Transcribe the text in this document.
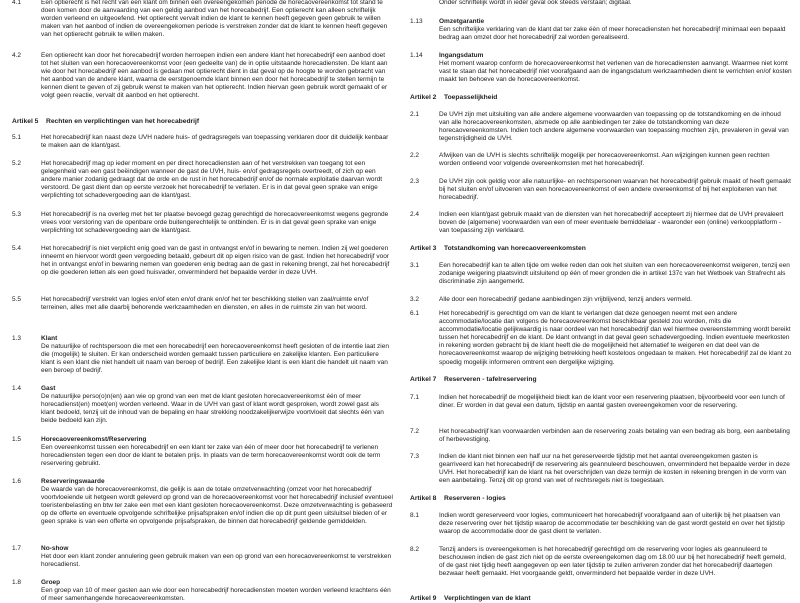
4.1	Een optierecht is het recht van een klant om binnen een overeengekomen periode de horecaovereenkomst tot stand te doen komen door de aanvaarding van een geldig aanbod van het horecabedrijf. Een optierecht kan alleen schriftelijk worden verleend en uitgeoefend. Het optierecht vervalt indien de klant te kennen heeft gegeven geen gebruik te willen maken van het aanbod of indien de overeengekomen periode is verstreken zonder dat de klant te kennen heeft gegeven van het optierecht gebruik te willen maken.

4.2	Een optierecht kan door het horecabedrijf worden herroepen indien een andere klant het horecabedrijf een aanbod doet tot het sluiten van een horecaovereenkomst voor (een gedeelte van) de in optie uitstaande horecadiensten. De klant aan wie door het horecabedrijf een aanbod is gedaan met optierecht dient in dat geval op de hoogte te worden gebracht van het aanbod van de andere klant, waarna de eerstgenoemde klant binnen een door het horecabedrijf te stellen termijn te kennen dient te geven of zij gebruik wenst te maken van het optierecht. Indien hiervan geen gebruik wordt gemaakt of er volgt geen reactie, vervalt dit aanbod en het optierecht.

Artikel 5	Rechten en verplichtingen van het horecabedrijf
5.1	Het horecabedrijf kan naast deze UVH nadere huis- of gedragsregels van toepassing verklaren door dit duidelijk kenbaar te maken aan de klant/gast.

5.2	Het horecabedrijf mag op ieder moment en per direct horecadiensten aan of het verstrekken van toegang tot een gelegenheid van een gast beëindigen wanneer de gast de UVH, huis- en/of gedragsregels overtreedt, of zich op een andere manier zodanig gedraagt dat de orde en de rust in het horecabedrijf en/of de normale exploitatie daarvan wordt verstoord. De gast dient dan op eerste verzoek het horecabedrijf te verlaten. Er is in dat geval geen sprake van enige verplichting tot schadevergoeding aan de klant/gast.

5.3	Het horecabedrijf is na overleg met het ter plaatse bevoegd gezag gerechtigd de horecaovereenkomst wegens gegronde vrees voor verstoring van de openbare orde buitengerechtelijk te ontbinden. Er is in dat geval geen sprake van enige verplichting tot schadevergoeding aan de klant/gast.

5.4	Het horecabedrijf is niet verplicht enig goed van de gast in ontvangst en/of in bewaring te nemen. Indien zij wel goederen inneemt en hiervoor wordt geen vergoeding betaald, gebeurt dit op eigen risico van de gast. Indien het horecabedrijf voor het in ontvangst en/of in bewaring nemen van goederen enig bedrag aan de gast in rekening brengt, zal het horecabedrijf op die goederen letten als een goed huisvader, onverminderd het bepaalde verder in deze UVH.

5.5	Het horecabedrijf verstrekt van logies en/of eten en/of drank en/of het ter beschikking stellen van zaal/ruimte en/of terreinen, alles met alle daarbij behorende werkzaamheden en diensten, en alles in de ruimste zin van het woord.

1.3	Klant

De natuurlijke of rechtspersoon die met een horecabedrijf een horecaovereenkomst heeft gesloten of de intentie laat zien die (mogelijk) te sluiten. Er kan onderscheid worden gemaakt tussen particuliere en zakelijke klanten. Een particuliere klant is een klant die niet handelt uit naam van beroep of bedrijf. Een zakelijke klant is een klant die handelt uit naam van een beroep of bedrijf.

1.4	Gast

De natuurlijke perso(o)n(en) aan wie op grond van een met de klant gesloten horecaovereenkomst één of meer horecadienst(en) moet(en) worden verleend. Waar in de UVH van gast of klant wordt gesproken, wordt zowel gast als klant bedoeld, tenzij uit de inhoud van de bepaling en haar strekking noodzakelijkerwijze voortvloeit dat slechts één van beide bedoeld kan zijn.

1.5	Horecaovereenkomst/Reservering

Een overeenkomst tussen een horecabedrijf en een klant ter zake van één of meer door het horecabedrijf te verlenen horecadiensten tegen een door de klant te betalen prijs. In plaats van de term horecaovereenkomst wordt ook de term reservering gebruikt.

1.6	Reserveringswaarde

De waarde van de horecaovereenkomst, die gelijk is aan de totale omzetverwachting (omzet voor het horecabedrijf voortvloeiende uit hetgeen wordt geleverd op grond van de horecaovereenkomst voor het horecabedrijf inclusief eventueel toeristenbelasting en btw ter zake een met een klant gesloten horecaovereenkomst. Deze omzetverwachting is gebaseerd op de offerte en eventuele opvolgende schriftelijke prijsafspraken en/of indien die op dit punt geen uitsluitsel bieden of er geen sprake is van een offerte en opvolgende prijsafspraken, de binnen dat horecabedrijf geldende gemiddelden.

1.7	No-show

Het door een klant zonder annulering geen gebruik maken van een op grond van een horecaovereenkomst te verstrekken horecadienst.

1.8	Groep

Een groep van 10 of meer gasten aan wie door een horecabedrijf horecadiensten moeten worden verleend krachtens één of meer samenhangende horecaovereenkomsten.

Onder schriftelijk wordt in ieder geval ook steeds verstaan; digitaal.

1.13	Omzetgarantie

Een schriftelijke verklaring van de klant dat ter zake één of meer horecadiensten het horecabedrijf minimaal een bepaald bedrag aan omzet door het horecabedrijf zal worden gerealiseerd.

1.14	Ingangsdatum

Het moment waarop conform de horecaovereenkomst het verlenen van de horecadiensten aanvangt. Waarmee niet komt vast te staan dat het horecabedrijf niet voorafgaand aan de ingangsdatum werkzaamheden dient te verrichten en/of kosten maakt ten behoeve van de horecaovereenkomst.

Artikel 2	Toepasselijkheid
2.1	De UVH zijn met uitsluiting van alle andere algemene voorwaarden van toepassing op de totstandkoming en de inhoud van alle horecaovereenkomsten, alsmede op alle aanbiedingen ter zake de totstandkoming van deze horecaovereenkomsten. Indien toch andere algemene voorwaarden van toepassing mochten zijn, prevaleren in geval van tegenstrijdigheid de UVH.

2.2	Afwijken van de UVH is slechts schriftelijk mogelijk per horecaovereenkomst. Aan wijzigingen kunnen geen rechten worden ontleend voor volgende overeenkomsten met het horecabedrijf.

2.3	De UVH zijn ook geldig voor alle natuurlijke- en rechtspersonen waarvan het horecabedrijf gebruik maakt of heeft gemaakt bij het sluiten en/of uitvoeren van een horecaovereenkomst of een andere overeenkomst of bij het exploiteren van het horecabedrijf.

2.4	Indien een klant/gast gebruik maakt van de diensten van het horecabedrijf accepteert zij hiermee dat de UVH prevaleert boven de (algemene) voorwaarden van een of meer eventuele bemiddelaar - waaronder een (online) verkoopplatform - van toepassing zijn verklaard.

Artikel 3	Totstandkoming van horecaovereenkomsten
3.1	Een horecabedrijf kan te allen tijde om welke reden dan ook het sluiten van een horecaovereenkomst weigeren, tenzij een zodanige weigering plaatsvindt uitsluitend op één of meer gronden die in artikel 137c van het Wetboek van Strafrecht als discriminatie zijn aangemerkt.

3.2	Alle door een horecabedrijf gedane aanbiedingen zijn vrijblijvend, tenzij anders vermeld.

6.1	Het horecabedrijf is gerechtigd om van de klant te verlangen dat deze genoegen neemt met een andere accommodatie/locatie dan volgens de horecaovereenkomst beschikbaar gesteld zou worden, mits die accommodatie/locatie gelijkwaardig is naar oordeel van het horecabedrijf dan wel hiermee overeenstemming wordt bereikt tussen het horecabedrijf en de klant. De klant ontvangt in dat geval geen schadevergoeding. Indien eventuele meerkosten in rekening worden gebracht bij de klant heeft die de mogelijkheid het alternatief te weigeren en dat deel van de horecaovereenkomst waarop de wijziging betrekking heeft kosteloos ongedaan te maken. Het horecabedrijf zal de klant zo spoedig mogelijk informeren omtrent een dergelijke wijziging.

Artikel 7	Reserveren - tafelreservering
7.1	Indien het horecabedrijf de mogelijkheid biedt kan de klant voor een reservering plaatsen, bijvoorbeeld voor een lunch of diner. Er worden in dat geval een datum, tijdstip en aantal gasten overeengekomen voor de reservering.

7.2	Het horecabedrijf kan voorwaarden verbinden aan de reservering zoals betaling van een bedrag als borg, een aanbetaling of herbevestiging.

7.3	Indien de klant niet binnen een half uur na het gereserveerde tijdstip met het aantal overeengekomen gasten is gearriveerd kan het horecabedrijf de reservering als geannuleerd beschouwen, onverminderd het bepaalde verder in deze UVH. Het horecabedrijf kan de klant na het overschrijden van deze termijn de kosten in rekening brengen in de vorm van een aanbetaling. Tenzij dit op grond van wet of rechtsregels niet is toegestaan.

Artikel 8	Reserveren - logies
8.1	Indien wordt gereserveerd voor logies, communiceert het horecabedrijf voorafgaand aan of uiterlijk bij het plaatsen van deze reservering over het tijdstip waarop de accommodatie ter beschikking van de gast wordt gesteld en over het tijdstip waarop de accommodatie door de gast dient te verlaten.

8.2	Tenzij anders is overeengekomen is het horecabedrijf gerechtigd om de reservering voor logies als geannuleerd te beschouwen indien de gast zich niet op de eerste overeengekomen dag om 18.00 uur bij het horecabedrijf heeft gemeld, of de gast niet tijdig heeft aangegeven op een later tijdstip te zullen arriveren zonder dat het horecabedrijf daartegen bezwaar heeft gemaakt. Het voorgaande geldt, onverminderd het bepaalde verder in deze UVH.

Artikel 9	Verplichtingen van de klant
